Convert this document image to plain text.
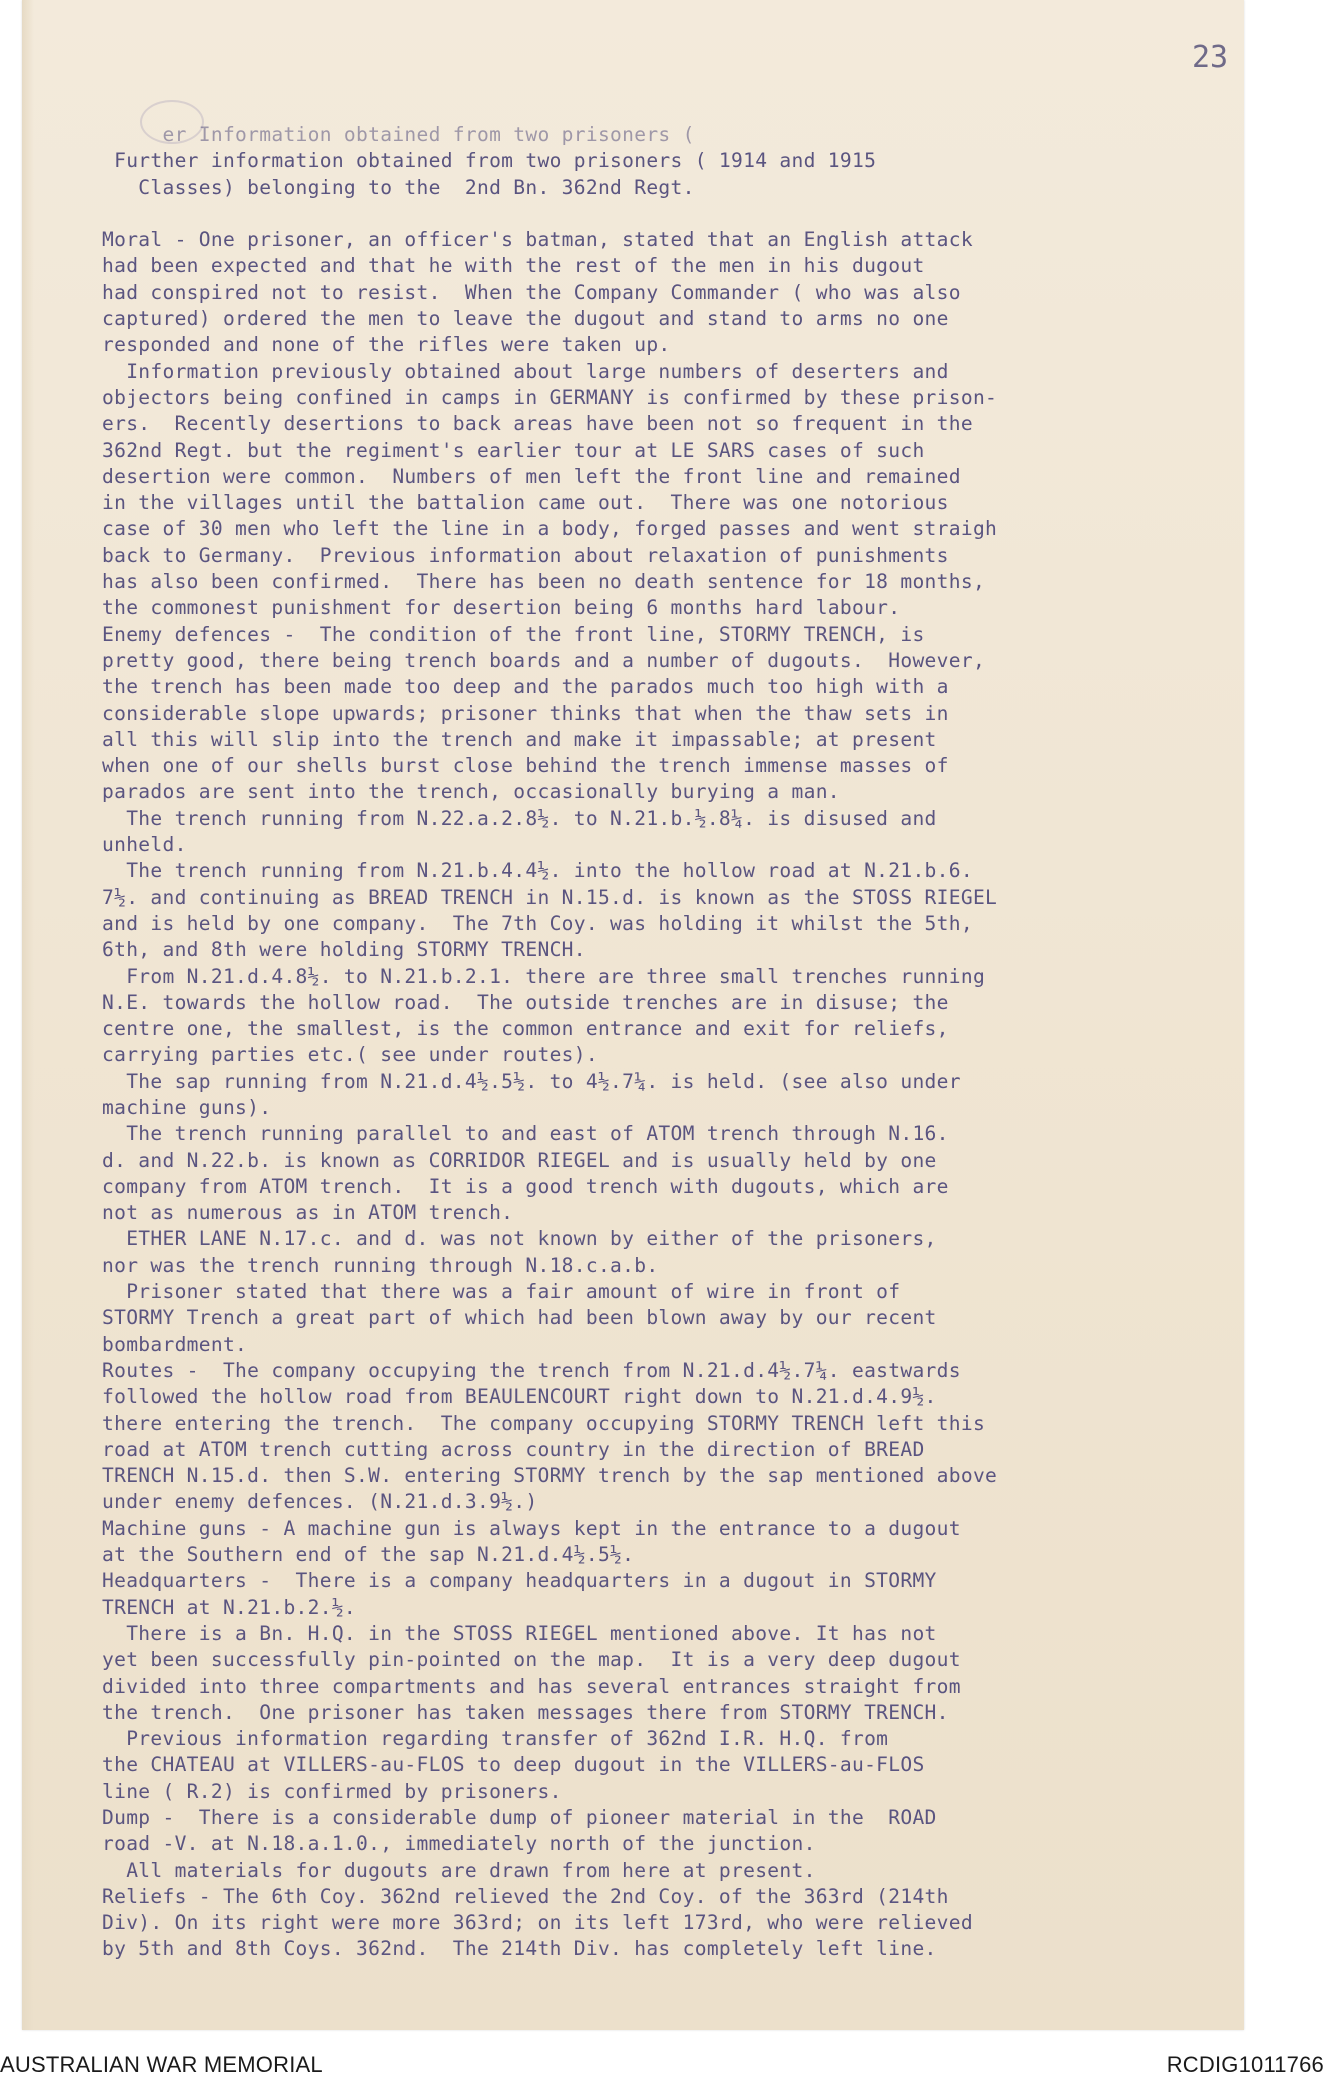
23
er Information obtained from two prisoners (
Further information obtained from two prisoners ( 1914 and 1915
Classes) belonging to the  2nd Bn. 362nd Regt.
Moral - One prisoner, an officer's batman, stated that an English attack
had been expected and that he with the rest of the men in his dugout
had conspired not to resist.  When the Company Commander ( who was also
captured) ordered the men to leave the dugout and stand to arms no one
responded and none of the rifles were taken up.
Information previously obtained about large numbers of deserters and
objectors being confined in camps in GERMANY is confirmed by these prison-
ers.  Recently desertions to back areas have been not so frequent in the
362nd Regt. but the regiment's earlier tour at LE SARS cases of such
desertion were common.  Numbers of men left the front line and remained
in the villages until the battalion came out.  There was one notorious
case of 30 men who left the line in a body, forged passes and went straigh
back to Germany.  Previous information about relaxation of punishments
has also been confirmed.  There has been no death sentence for 18 months,
the commonest punishment for desertion being 6 months hard labour.
Enemy defences -  The condition of the front line, STORMY TRENCH, is
pretty good, there being trench boards and a number of dugouts.  However,
the trench has been made too deep and the parados much too high with a
considerable slope upwards; prisoner thinks that when the thaw sets in
all this will slip into the trench and make it impassable; at present
when one of our shells burst close behind the trench immense masses of
parados are sent into the trench, occasionally burying a man.
The trench running from N.22.a.2.8½. to N.21.b.½.8¼. is disused and
unheld.
The trench running from N.21.b.4.4½. into the hollow road at N.21.b.6.
7½. and continuing as BREAD TRENCH in N.15.d. is known as the STOSS RIEGEL
and is held by one company.  The 7th Coy. was holding it whilst the 5th,
6th, and 8th were holding STORMY TRENCH.
From N.21.d.4.8½. to N.21.b.2.1. there are three small trenches running
N.E. towards the hollow road.  The outside trenches are in disuse; the
centre one, the smallest, is the common entrance and exit for reliefs,
carrying parties etc.( see under routes).
The sap running from N.21.d.4½.5½. to 4½.7¼. is held. (see also under
machine guns).
The trench running parallel to and east of ATOM trench through N.16.
d. and N.22.b. is known as CORRIDOR RIEGEL and is usually held by one
company from ATOM trench.  It is a good trench with dugouts, which are
not as numerous as in ATOM trench.
ETHER LANE N.17.c. and d. was not known by either of the prisoners,
nor was the trench running through N.18.c.a.b.
Prisoner stated that there was a fair amount of wire in front of
STORMY Trench a great part of which had been blown away by our recent
bombardment.
Routes -  The company occupying the trench from N.21.d.4½.7¼. eastwards
followed the hollow road from BEAULENCOURT right down to N.21.d.4.9½.
there entering the trench.  The company occupying STORMY TRENCH left this
road at ATOM trench cutting across country in the direction of BREAD
TRENCH N.15.d. then S.W. entering STORMY trench by the sap mentioned above
under enemy defences. (N.21.d.3.9½.)
Machine guns - A machine gun is always kept in the entrance to a dugout
at the Southern end of the sap N.21.d.4½.5½.
Headquarters -  There is a company headquarters in a dugout in STORMY
TRENCH at N.21.b.2.½.
There is a Bn. H.Q. in the STOSS RIEGEL mentioned above. It has not
yet been successfully pin-pointed on the map.  It is a very deep dugout
divided into three compartments and has several entrances straight from
the trench.  One prisoner has taken messages there from STORMY TRENCH.
Previous information regarding transfer of 362nd I.R. H.Q. from
the CHATEAU at VILLERS-au-FLOS to deep dugout in the VILLERS-au-FLOS
line ( R.2) is confirmed by prisoners.
Dump -  There is a considerable dump of pioneer material in the  ROAD
road -V. at N.18.a.1.0., immediately north of the junction.
All materials for dugouts are drawn from here at present.
Reliefs - The 6th Coy. 362nd relieved the 2nd Coy. of the 363rd (214th
Div). On its right were more 363rd; on its left 173rd, who were relieved
by 5th and 8th Coys. 362nd.  The 214th Div. has completely left line.
AUSTRALIAN WAR MEMORIAL	RCDIG1011766
